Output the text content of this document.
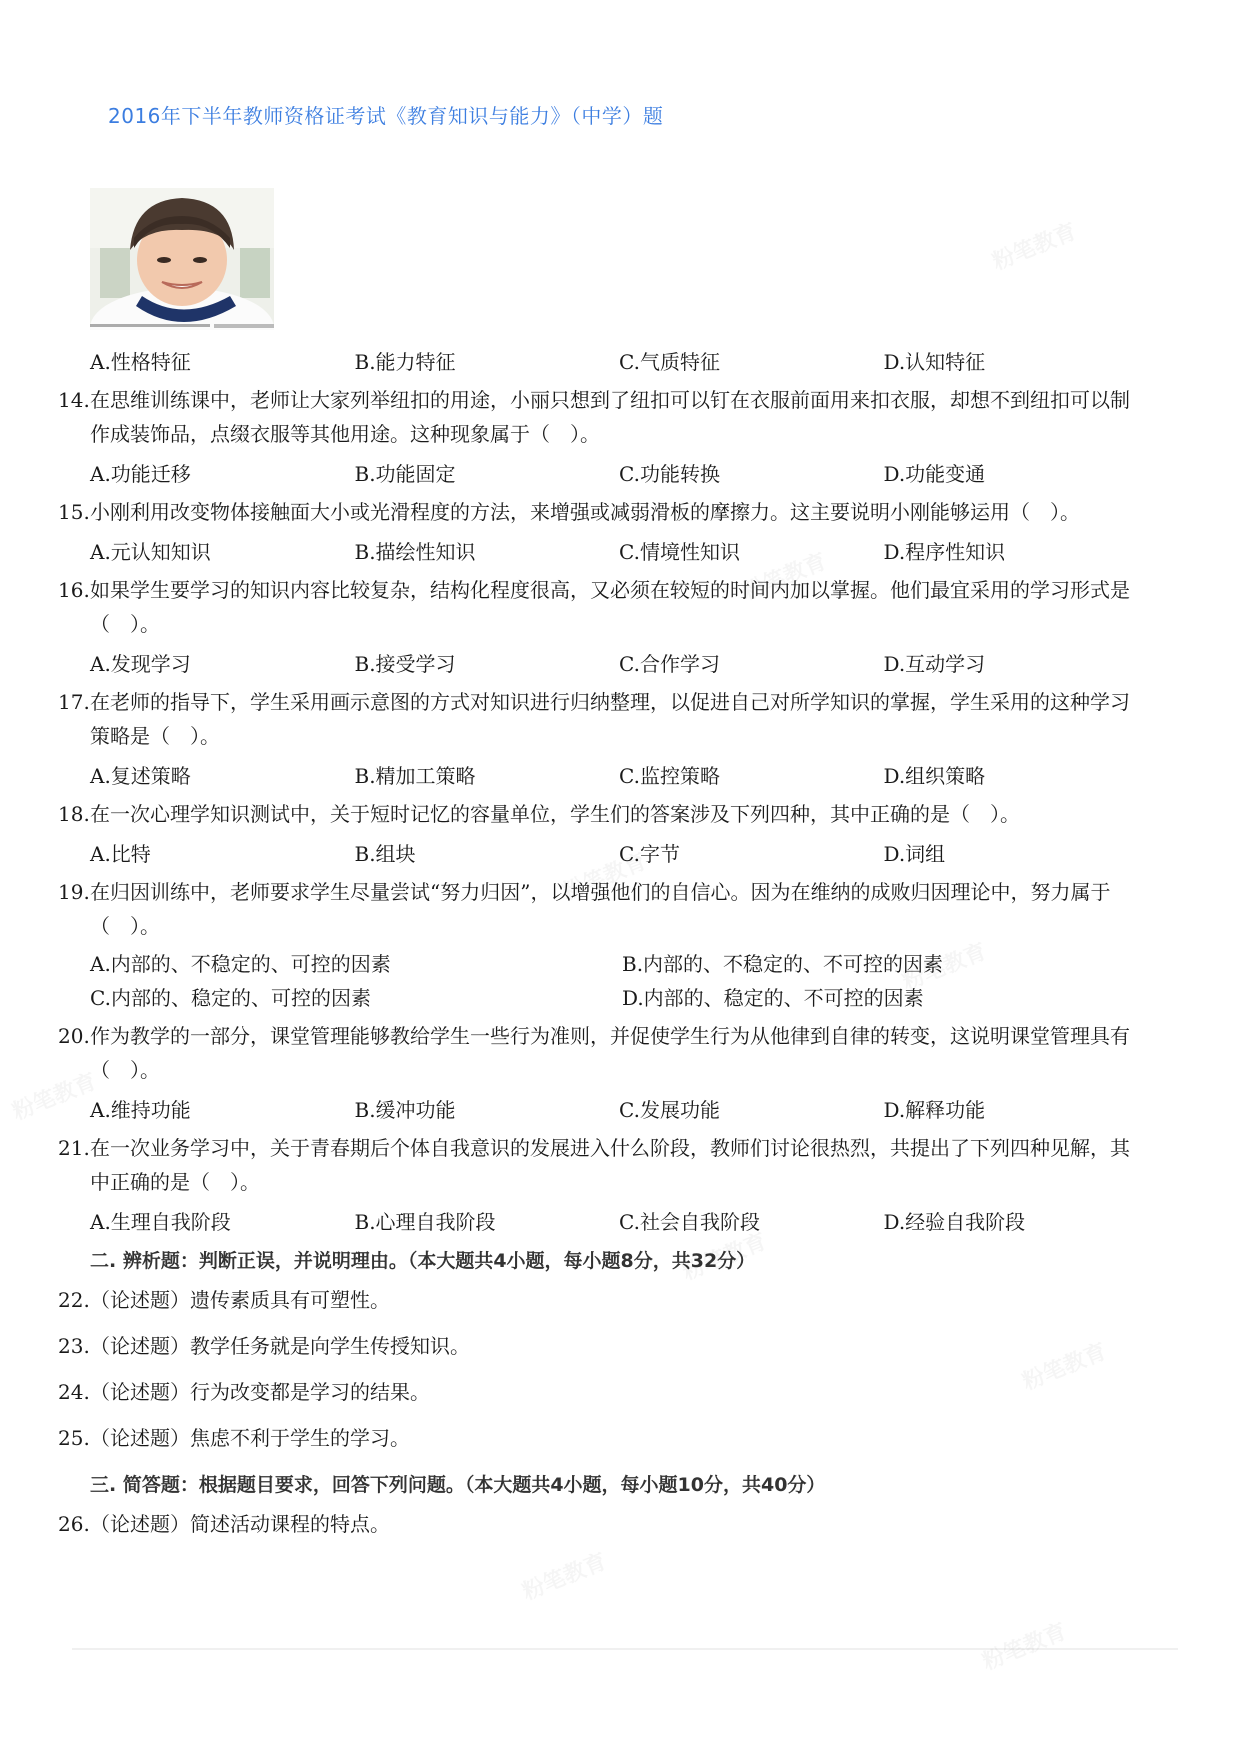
2016年下半年教师资格证考试《教育知识与能力》（中学）题
A.性格特征	B.能力特征	C.气质特征	D.认知特征
14. 在思维训练课中，老师让大家列举纽扣的用途，小丽只想到了纽扣可以钉在衣服前面用来扣衣服，却想不到纽扣可以制作成装饰品，点缀衣服等其他用途。这种现象属于（　）。
A.功能迁移	B.功能固定	C.功能转换	D.功能变通
15. 小刚利用改变物体接触面大小或光滑程度的方法，来增强或减弱滑板的摩擦力。这主要说明小刚能够运用（　）。
A.元认知知识	B.描绘性知识	C.情境性知识	D.程序性知识
16. 如果学生要学习的知识内容比较复杂，结构化程度很高，又必须在较短的时间内加以掌握。他们最宜采用的学习形式是（　）。
A.发现学习	B.接受学习	C.合作学习	D.互动学习
17. 在老师的指导下，学生采用画示意图的方式对知识进行归纳整理，以促进自己对所学知识的掌握，学生采用的这种学习策略是（　）。
A.复述策略	B.精加工策略	C.监控策略	D.组织策略
18. 在一次心理学知识测试中，关于短时记忆的容量单位，学生们的答案涉及下列四种，其中正确的是（　）。
A.比特	B.组块	C.字节	D.词组
19. 在归因训练中，老师要求学生尽量尝试“努力归因”，以增强他们的自信心。因为在维纳的成败归因理论中，努力属于（　）。
A.内部的、不稳定的、可控的因素	B.内部的、不稳定的、不可控的因素
C.内部的、稳定的、可控的因素	D.内部的、稳定的、不可控的因素
20. 作为教学的一部分，课堂管理能够教给学生一些行为准则，并促使学生行为从他律到自律的转变，这说明课堂管理具有（　）。
A.维持功能	B.缓冲功能	C.发展功能	D.解释功能
21. 在一次业务学习中，关于青春期后个体自我意识的发展进入什么阶段，教师们讨论很热烈，共提出了下列四种见解，其中正确的是（　）。
A.生理自我阶段	B.心理自我阶段	C.社会自我阶段	D.经验自我阶段
二. 辨析题：判断正误，并说明理由。（本大题共4小题，每小题8分，共32分）
22. （论述题）遗传素质具有可塑性。
23. （论述题）教学任务就是向学生传授知识。
24. （论述题）行为改变都是学习的结果。
25. （论述题）焦虑不利于学生的学习。
三. 简答题：根据题目要求，回答下列问题。（本大题共4小题，每小题10分，共40分）
26. （论述题）简述活动课程的特点。
